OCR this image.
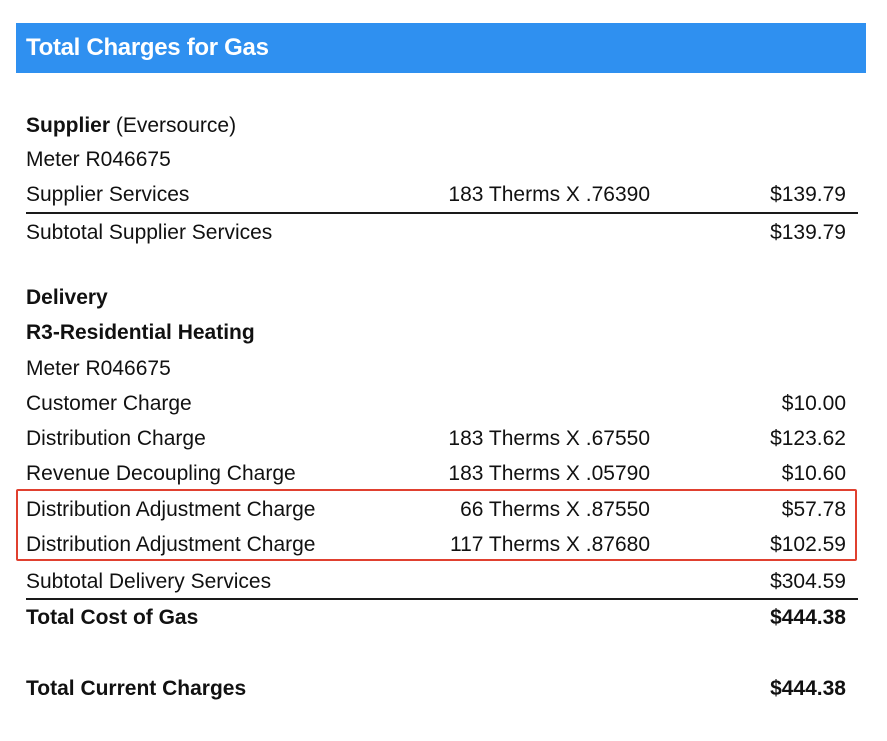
Total Charges for Gas
Supplier (Eversource)
Meter R046675
Supplier Services	183 Therms X .76390	$139.79
Subtotal Supplier Services	$139.79
Delivery
R3-Residential Heating
Meter R046675
Customer Charge	$10.00
Distribution Charge	183 Therms X .67550	$123.62
Revenue Decoupling Charge	183 Therms X .05790	$10.60
Distribution Adjustment Charge	66 Therms X .87550	$57.78
Distribution Adjustment Charge	117 Therms X .87680	$102.59
Subtotal Delivery Services	$304.59
Total Cost of Gas	$444.38
Total Current Charges	$444.38
